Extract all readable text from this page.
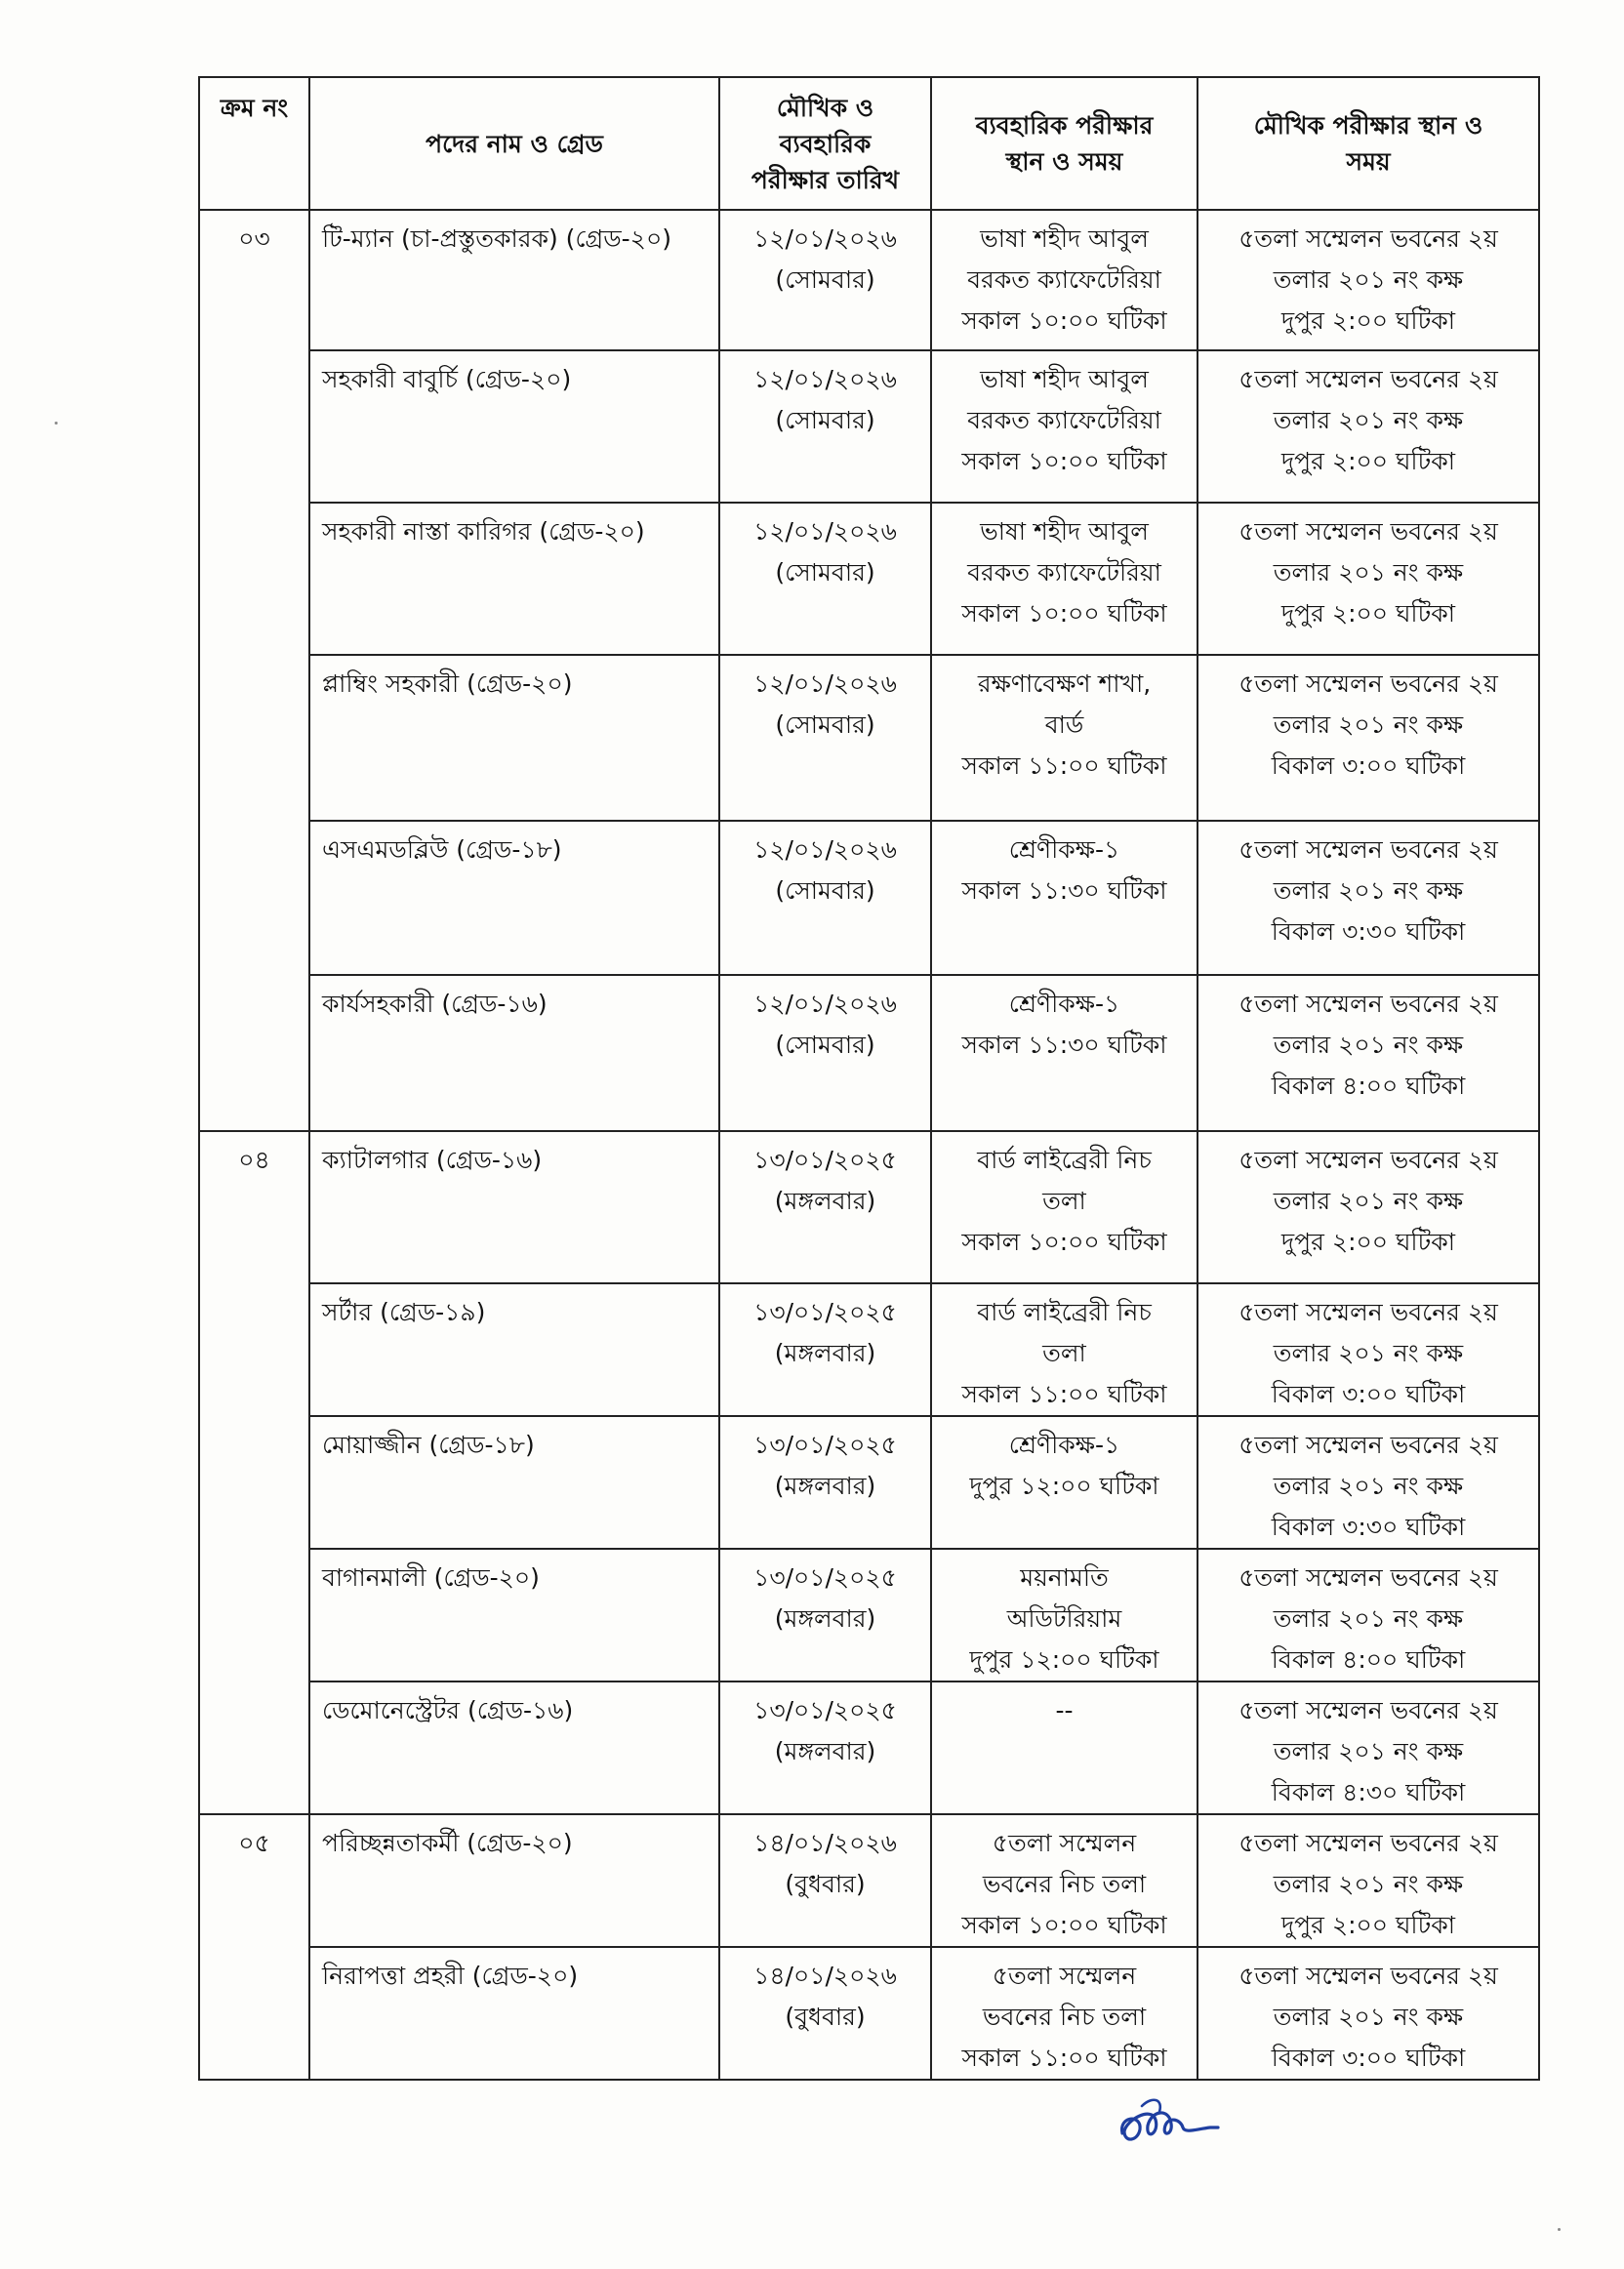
ক্রম নং	পদের নাম ও গ্রেড	মৌখিক ও
ব্যবহারিক
পরীক্ষার তারিখ	ব্যবহারিক পরীক্ষার
স্থান ও সময়	মৌখিক পরীক্ষার স্থান ও
সময়

০৩	টি-ম্যান (চা-প্রস্তুতকারক) (গ্রেড-২০)	১২/০১/২০২৬
(সোমবার)	ভাষা শহীদ আবুল
বরকত ক্যাফেটেরিয়া
সকাল ১০:০০ ঘটিকা	৫তলা সম্মেলন ভবনের ২য়
তলার ২০১ নং কক্ষ
দুপুর ২:০০ ঘটিকা

	সহকারী বাবুর্চি (গ্রেড-২০)	১২/০১/২০২৬
(সোমবার)	ভাষা শহীদ আবুল
বরকত ক্যাফেটেরিয়া
সকাল ১০:০০ ঘটিকা	৫তলা সম্মেলন ভবনের ২য়
তলার ২০১ নং কক্ষ
দুপুর ২:০০ ঘটিকা

	সহকারী নাস্তা কারিগর (গ্রেড-২০)	১২/০১/২০২৬
(সোমবার)	ভাষা শহীদ আবুল
বরকত ক্যাফেটেরিয়া
সকাল ১০:০০ ঘটিকা	৫তলা সম্মেলন ভবনের ২য়
তলার ২০১ নং কক্ষ
দুপুর ২:০০ ঘটিকা

	প্লাম্বিং সহকারী (গ্রেড-২০)	১২/০১/২০২৬
(সোমবার)	রক্ষণাবেক্ষণ শাখা,
বার্ড
সকাল ১১:০০ ঘটিকা	৫তলা সম্মেলন ভবনের ২য়
তলার ২০১ নং কক্ষ
বিকাল ৩:০০ ঘটিকা

	এসএমডব্লিউ (গ্রেড-১৮)	১২/০১/২০২৬
(সোমবার)	শ্রেণীকক্ষ-১
সকাল ১১:৩০ ঘটিকা	৫তলা সম্মেলন ভবনের ২য়
তলার ২০১ নং কক্ষ
বিকাল ৩:৩০ ঘটিকা

	কার্যসহকারী (গ্রেড-১৬)	১২/০১/২০২৬
(সোমবার)	শ্রেণীকক্ষ-১
সকাল ১১:৩০ ঘটিকা	৫তলা সম্মেলন ভবনের ২য়
তলার ২০১ নং কক্ষ
বিকাল ৪:০০ ঘটিকা

০৪	ক্যাটালগার (গ্রেড-১৬)	১৩/০১/২০২৫
(মঙ্গলবার)	বার্ড লাইব্রেরী নিচ
তলা
সকাল ১০:০০ ঘটিকা	৫তলা সম্মেলন ভবনের ২য়
তলার ২০১ নং কক্ষ
দুপুর ২:০০ ঘটিকা

	সর্টার (গ্রেড-১৯)	১৩/০১/২০২৫
(মঙ্গলবার)	বার্ড লাইব্রেরী নিচ
তলা
সকাল ১১:০০ ঘটিকা	৫তলা সম্মেলন ভবনের ২য়
তলার ২০১ নং কক্ষ
বিকাল ৩:০০ ঘটিকা

	মোয়াজ্জীন (গ্রেড-১৮)	১৩/০১/২০২৫
(মঙ্গলবার)	শ্রেণীকক্ষ-১
দুপুর ১২:০০ ঘটিকা	৫তলা সম্মেলন ভবনের ২য়
তলার ২০১ নং কক্ষ
বিকাল ৩:৩০ ঘটিকা

	বাগানমালী (গ্রেড-২০)	১৩/০১/২০২৫
(মঙ্গলবার)	ময়নামতি
অডিটরিয়াম
দুপুর ১২:০০ ঘটিকা	৫তলা সম্মেলন ভবনের ২য়
তলার ২০১ নং কক্ষ
বিকাল ৪:০০ ঘটিকা

	ডেমোনেস্ট্রেটর (গ্রেড-১৬)	১৩/০১/২০২৫
(মঙ্গলবার)	--	৫তলা সম্মেলন ভবনের ২য়
তলার ২০১ নং কক্ষ
বিকাল ৪:৩০ ঘটিকা

০৫	পরিচ্ছন্নতাকর্মী (গ্রেড-২০)	১৪/০১/২০২৬
(বুধবার)	৫তলা সম্মেলন
ভবনের নিচ তলা
সকাল ১০:০০ ঘটিকা	৫তলা সম্মেলন ভবনের ২য়
তলার ২০১ নং কক্ষ
দুপুর ২:০০ ঘটিকা

	নিরাপত্তা প্রহরী (গ্রেড-২০)	১৪/০১/২০২৬
(বুধবার)	৫তলা সম্মেলন
ভবনের নিচ তলা
সকাল ১১:০০ ঘটিকা	৫তলা সম্মেলন ভবনের ২য়
তলার ২০১ নং কক্ষ
বিকাল ৩:০০ ঘটিকা
